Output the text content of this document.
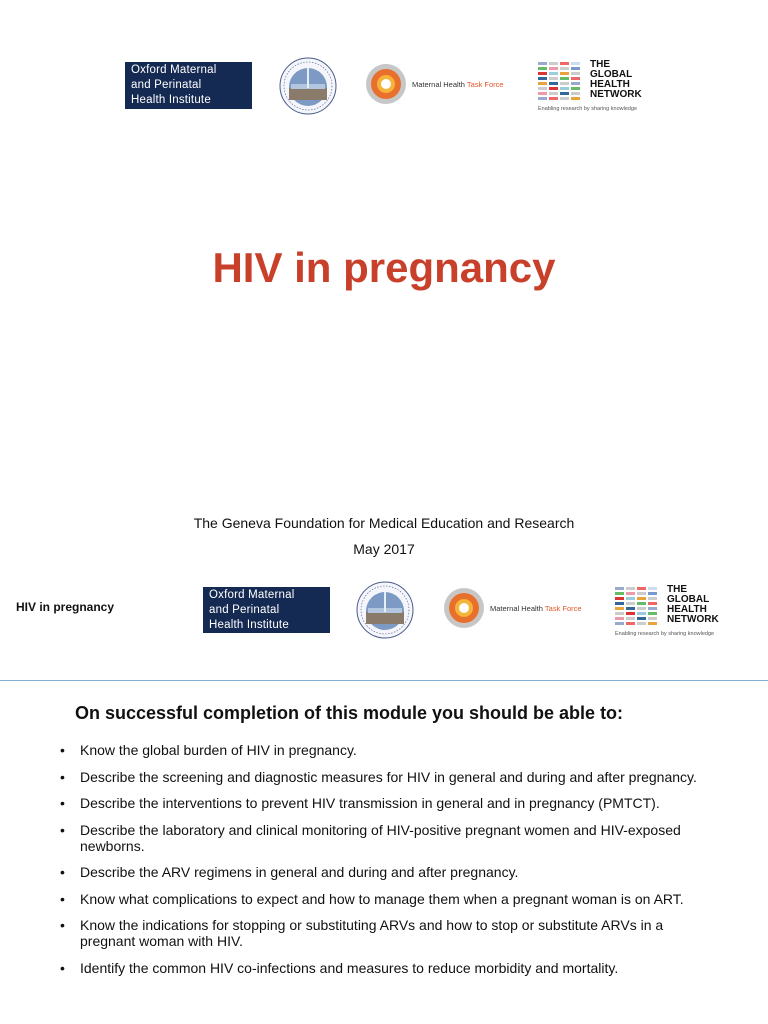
Oxford Maternal
and Perinatal
Health Institute
Maternal Health Task Force
THE
GLOBAL
HEALTH
NETWORK
Enabling research by sharing knowledge
HIV in pregnancy
The Geneva Foundation for Medical Education and Research
May 2017
HIV in pregnancy
Oxford Maternal
and Perinatal
Health Institute
Maternal Health Task Force
THE
GLOBAL
HEALTH
NETWORK
Enabling research by sharing knowledge
On successful completion of this module you should be able to:
• Know the global burden of HIV in pregnancy.
• Describe the screening and diagnostic measures for HIV in general and during and after pregnancy.
• Describe the interventions to prevent HIV transmission in general and in pregnancy (PMTCT).
• Describe the laboratory and clinical monitoring of HIV-positive pregnant women and HIV-exposed newborns.
• Describe the ARV regimens in general and during and after pregnancy.
• Know what complications to expect and how to manage them when a pregnant woman is on ART.
• Know the indications for stopping or substituting ARVs and how to stop or substitute ARVs in a pregnant woman with HIV.
• Identify the common HIV co-infections and measures to reduce morbidity and mortality.
